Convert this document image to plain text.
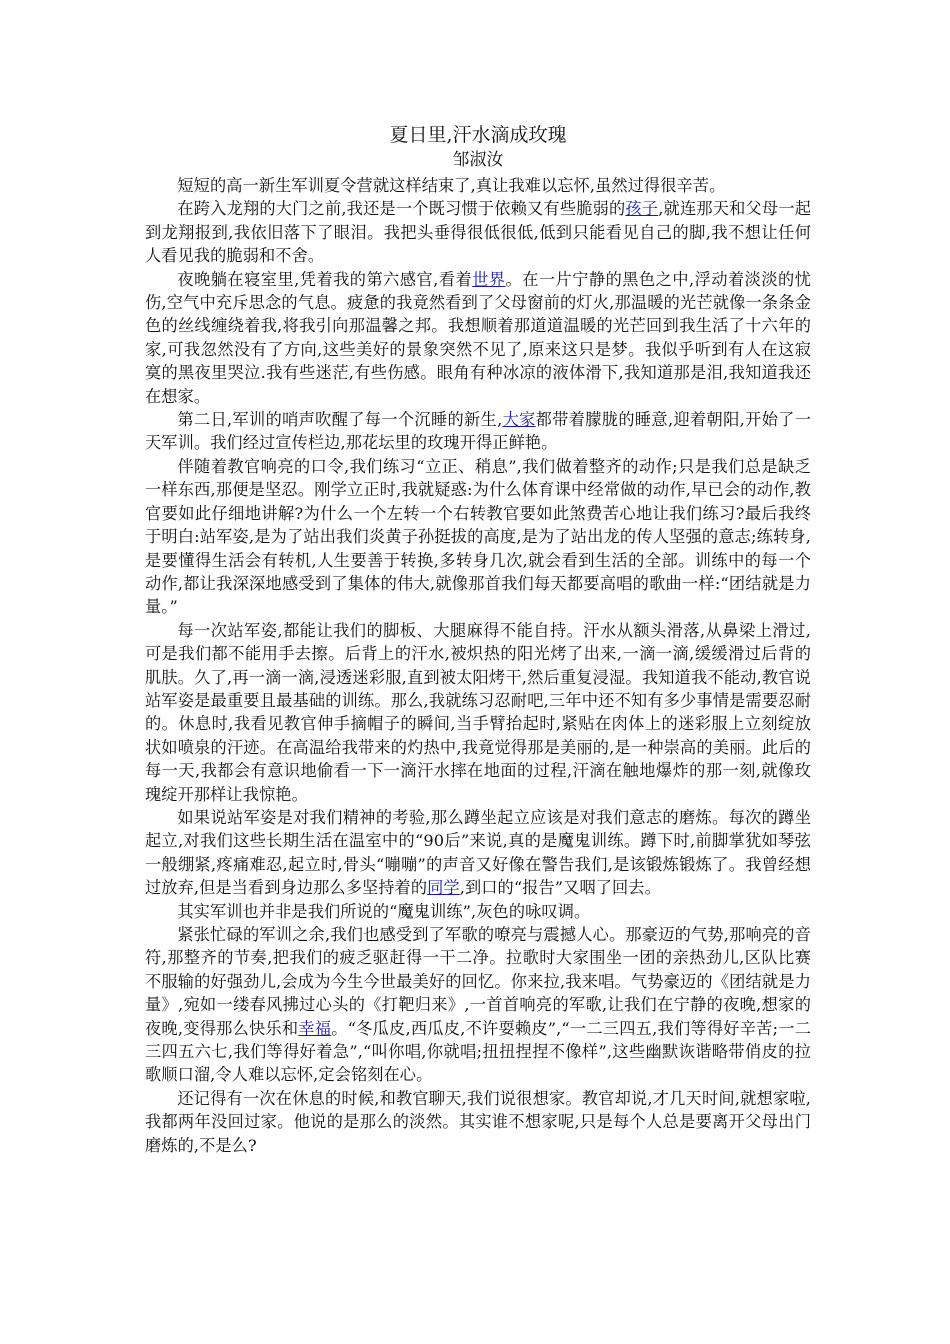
夏日里,汗水滴成玫瑰

邹淑汝

短短的高一新生军训夏令营就这样结束了,真让我难以忘怀,虽然过得很辛苦。

在跨入龙翔的大门之前,我还是一个既习惯于依赖又有些脆弱的孩子,就连那天和父母一起到龙翔报到,我依旧落下了眼泪。我把头垂得很低很低,低到只能看见自己的脚,我不想让任何人看见我的脆弱和不舍。

夜晚躺在寝室里,凭着我的第六感官,看着世界。在一片宁静的黑色之中,浮动着淡淡的忧伤,空气中充斥思念的气息。疲惫的我竟然看到了父母窗前的灯火,那温暖的光芒就像一条条金色的丝线缠绕着我,将我引向那温馨之邦。我想顺着那道道温暖的光芒回到我生活了十六年的家,可我忽然没有了方向,这些美好的景象突然不见了,原来这只是梦。我似乎听到有人在这寂寞的黑夜里哭泣.我有些迷茫,有些伤感。眼角有种冰凉的液体滑下,我知道那是泪,我知道我还在想家。

第二日,军训的哨声吹醒了每一个沉睡的新生,大家都带着朦胧的睡意,迎着朝阳,开始了一天军训。我们经过宣传栏边,那花坛里的玫瑰开得正鲜艳。

伴随着教官响亮的口令,我们练习“立正、稍息”,我们做着整齐的动作;只是我们总是缺乏一样东西,那便是坚忍。刚学立正时,我就疑惑:为什么体育课中经常做的动作,早已会的动作,教官要如此仔细地讲解?为什么一个左转一个右转教官要如此煞费苦心地让我们练习?最后我终于明白:站军姿,是为了站出我们炎黄子孙挺拔的高度,是为了站出龙的传人坚强的意志;练转身,是要懂得生活会有转机,人生要善于转换,多转身几次,就会看到生活的全部。训练中的每一个动作,都让我深深地感受到了集体的伟大,就像那首我们每天都要高唱的歌曲一样:“团结就是力量。”

每一次站军姿,都能让我们的脚板、大腿麻得不能自持。汗水从额头滑落,从鼻梁上滑过,可是我们都不能用手去擦。后背上的汗水,被炽热的阳光烤了出来,一滴一滴,缓缓滑过后背的肌肤。久了,再一滴一滴,浸透迷彩服,直到被太阳烤干,然后重复浸湿。我知道我不能动,教官说站军姿是最重要且最基础的训练。那么,我就练习忍耐吧,三年中还不知有多少事情是需要忍耐的。休息时,我看见教官伸手摘帽子的瞬间,当手臂抬起时,紧贴在肉体上的迷彩服上立刻绽放状如喷泉的汗迹。在高温给我带来的灼热中,我竟觉得那是美丽的,是一种崇高的美丽。此后的每一天,我都会有意识地偷看一下一滴汗水摔在地面的过程,汗滴在触地爆炸的那一刻,就像玫瑰绽开那样让我惊艳。

如果说站军姿是对我们精神的考验,那么蹲坐起立应该是对我们意志的磨炼。每次的蹲坐起立,对我们这些长期生活在温室中的“90后”来说,真的是魔鬼训练。蹲下时,前脚掌犹如琴弦一般绷紧,疼痛难忍,起立时,骨头“嘣嘣”的声音又好像在警告我们,是该锻炼锻炼了。我曾经想过放弃,但是当看到身边那么多坚持着的同学,到口的“报告”又咽了回去。

其实军训也并非是我们所说的“魔鬼训练”,灰色的咏叹调。

紧张忙碌的军训之余,我们也感受到了军歌的嘹亮与震撼人心。那豪迈的气势,那响亮的音符,那整齐的节奏,把我们的疲乏驱赶得一干二净。拉歌时大家围坐一团的亲热劲儿,区队比赛不服输的好强劲儿,会成为今生今世最美好的回忆。你来拉,我来唱。气势豪迈的《团结就是力量》,宛如一缕春风拂过心头的《打靶归来》,一首首响亮的军歌,让我们在宁静的夜晚,想家的夜晚,变得那么快乐和幸福。“冬瓜皮,西瓜皮,不许耍赖皮”,“一二三四五,我们等得好辛苦;一二三四五六七,我们等得好着急”,“叫你唱,你就唱;扭扭捏捏不像样”,这些幽默诙谐略带俏皮的拉歌顺口溜,令人难以忘怀,定会铭刻在心。

还记得有一次在休息的时候,和教官聊天,我们说很想家。教官却说,才几天时间,就想家啦,我都两年没回过家。他说的是那么的淡然。其实谁不想家呢,只是每个人总是要离开父母出门磨炼的,不是么?
